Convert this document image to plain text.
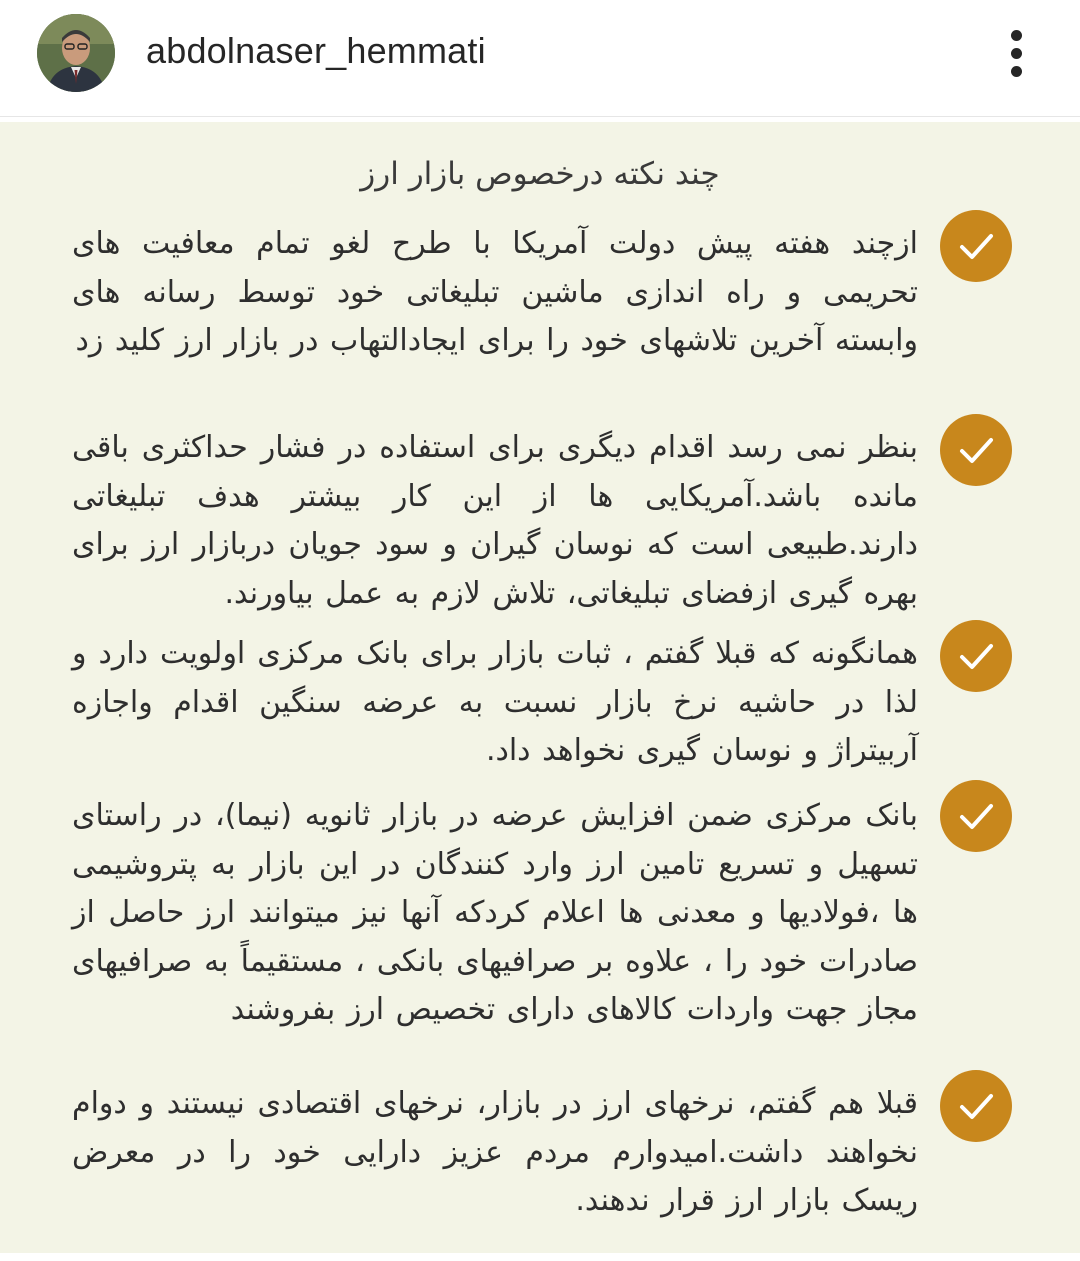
abdolnaser_hemmati
چند نکته درخصوص بازار ارز
ازچند هفته پیش دولت آمریکا با طرح لغو تمام معافیت های تحریمی و راه اندازی ماشین تبلیغاتی خود توسط رسانه های وابسته آخرین تلاشهای خود را برای ایجادالتهاب در بازار ارز کلید زد
بنظر نمی رسد اقدام دیگری برای استفاده در فشار حداکثری باقی مانده باشد.آمریکایی ها از این کار بیشتر هدف تبلیغاتی دارند.طبیعی است که نوسان گیران و سود جویان دربازار ارز برای بهره گیری ازفضای تبلیغاتی، تلاش لازم به عمل بیاورند.
همانگونه که قبلا گفتم ، ثبات بازار برای بانک مرکزی اولویت دارد و لذا در حاشیه نرخ بازار نسبت به عرضه سنگین اقدام واجازه آربیتراژ و نوسان گیری نخواهد داد.
بانک مرکزی ضمن افزایش عرضه در بازار ثانویه (نیما)، در راستای تسهیل و تسریع تامین ارز وارد کنندگان در این بازار به پتروشیمی ها ،فولادیها و معدنی ها اعلام کردکه آنها نیز میتوانند ارز حاصل از صادرات خود را ، علاوه بر صرافیهای بانکی ، مستقیماً به صرافیهای مجاز جهت واردات کالاهای دارای تخصیص ارز بفروشند
قبلا هم گفتم، نرخهای ارز در بازار، نرخهای اقتصادی نیستند و دوام نخواهند داشت.امیدوارم مردم عزیز دارایی خود را در معرض ریسک بازار ارز قرار ندهند.
